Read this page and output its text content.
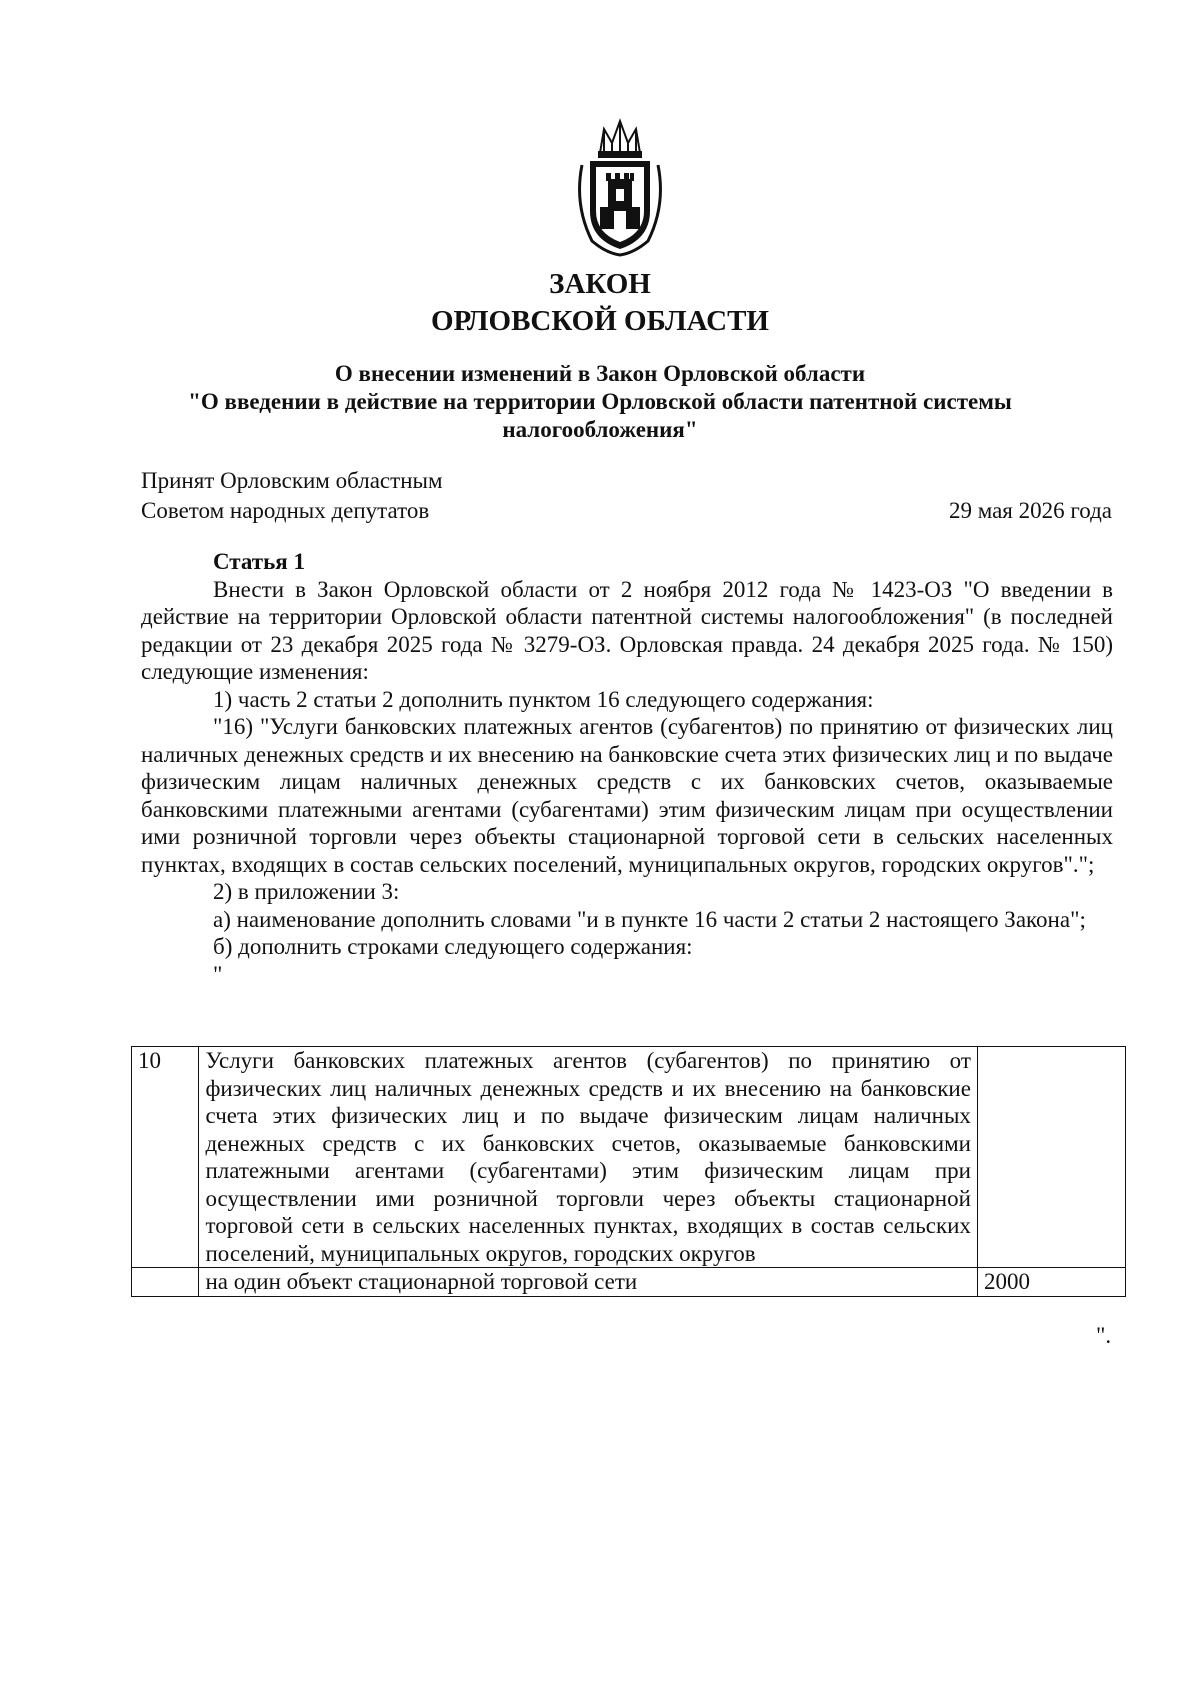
ЗАКОН
ОРЛОВСКОЙ ОБЛАСТИ
О внесении изменений в Закон Орловской области
"О введении в действие на территории Орловской области патентной системы
налогообложения"
Принят Орловским областным
Советом народных депутатов	29 мая 2026 года

Статья 1

Внести в Закон Орловской области от 2 ноября 2012 года № 1423-ОЗ "О введении в действие на территории Орловской области патентной системы налогообложения" (в последней редакции от 23 декабря 2025 года № 3279-ОЗ. Орловская правда. 24 декабря 2025 года. № 150) следующие изменения:

1) часть 2 статьи 2 дополнить пунктом 16 следующего содержания:

"16) "Услуги банковских платежных агентов (субагентов) по принятию от физических лиц наличных денежных средств и их внесению на банковские счета этих физических лиц и по выдаче физическим лицам наличных денежных средств с их банковских счетов, оказываемые банковскими платежными агентами (субагентами) этим физическим лицам при осуществлении ими розничной торговли через объекты стационарной торговой сети в сельских населенных пунктах, входящих в состав сельских поселений, муниципальных округов, городских округов".";

2) в приложении 3:

а) наименование дополнить словами "и в пункте 16 части 2 статьи 2 настоящего Закона";

б) дополнить строками следующего содержания:

"

10	Услуги банковских платежных агентов (субагентов) по принятию от физических лиц наличных денежных средств и их внесению на банковские счета этих физических лиц и по выдаче физическим лицам наличных денежных средств с их банковских счетов, оказываемые банковскими платежными агентами (субагентами) этим физическим лицам при осуществлении ими розничной торговли через объекты стационарной торговой сети в сельских населенных пунктах, входящих в состав сельских поселений, муниципальных округов, городских округов	
	на один объект стационарной торговой сети	2000
".
